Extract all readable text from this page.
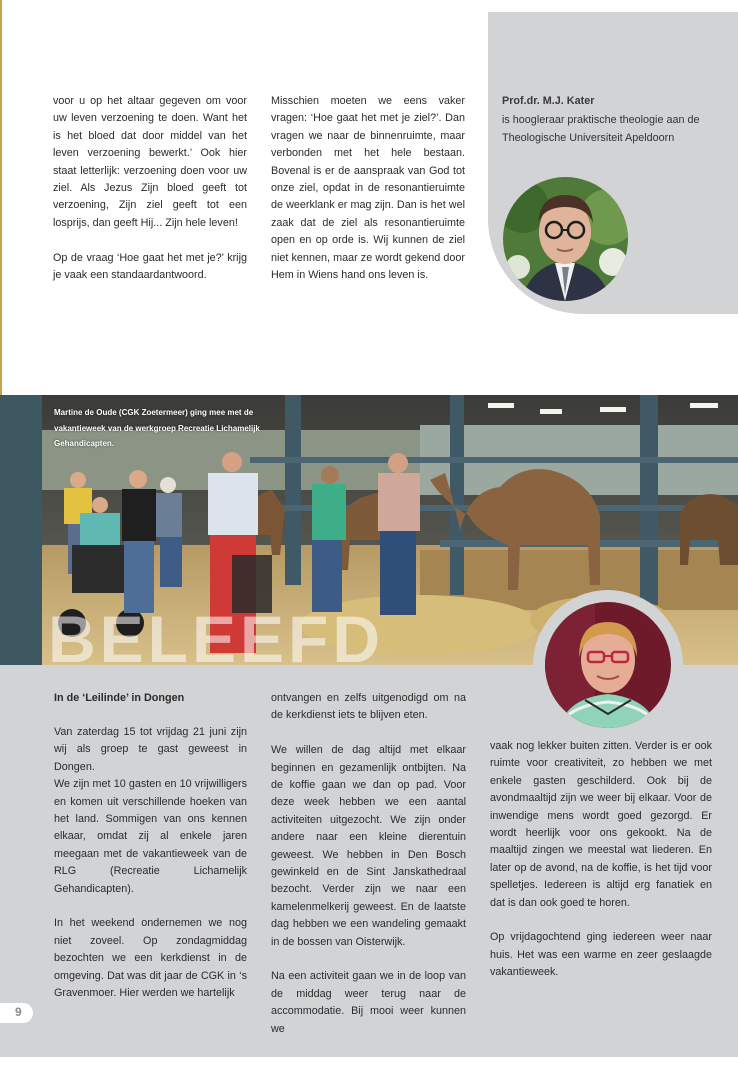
voor u op het altaar gegeven om voor uw leven verzoening te doen. Want het is het bloed dat door middel van het leven verzoening bewerkt.’ Ook hier staat letterlijk: verzoening doen voor uw ziel. Als Jezus Zijn bloed geeft tot verzoening, Zijn ziel geeft tot een losprijs, dan geeft Hij... Zijn hele leven!

Op de vraag ‘Hoe gaat het met je?’ krijg je vaak een standaardantwoord.

Misschien moeten we eens vaker vragen: ‘Hoe gaat het met je ziel?’. Dan vragen we naar de binnenruimte, maar verbonden met het hele bestaan. Bovenal is er de aanspraak van God tot onze ziel, opdat in de resonantieruimte de weerklank er mag zijn. Dan is het wel zaak dat de ziel als resonantieruimte open en op orde is. Wij kunnen de ziel niet kennen, maar ze wordt gekend door Hem in Wiens hand ons leven is.

Prof.dr. M.J. Kater
is hoogleraar praktische theologie aan de Theologische Universiteit Apeldoorn
Martine de Oude (CGK Zoetermeer) ging mee met de vakantieweek van de werkgroep Recreatie Lichamelijk Gehandicapten.
BELEEFD
In de ‘Leilinde’ in Dongen

Van zaterdag 15 tot vrijdag 21 juni zijn wij als groep te gast geweest in Dongen.
We zijn met 10 gasten en 10 vrijwilligers en komen uit verschillende hoeken van het land. Sommigen van ons kennen elkaar, omdat zij al enkele jaren meegaan met de vakantieweek van de RLG (Recreatie Lichamelijk Gehandicapten).

In het weekend ondernemen we nog niet zoveel. Op zondagmiddag bezochten we een kerkdienst in de omgeving. Dat was dit jaar de CGK in ‘s Gravenmoer. Hier werden we hartelijk

ontvangen en zelfs uitgenodigd om na de kerkdienst iets te blijven eten.

We willen de dag altijd met elkaar beginnen en gezamenlijk ontbijten. Na de koffie gaan we dan op pad. Voor deze week hebben we een aantal activiteiten uitgezocht. We zijn onder andere naar een kleine dierentuin geweest. We hebben in Den Bosch gewinkeld en de Sint Janskathedraal bezocht. Verder zijn we naar een kamelenmelkerij geweest. En de laatste dag hebben we een wandeling gemaakt in de bossen van Oisterwijk.

Na een activiteit gaan we in de loop van de middag weer terug naar de accommodatie. Bij mooi weer kunnen we

vaak nog lekker buiten zitten. Verder is er ook ruimte voor creativiteit, zo hebben we met enkele gasten geschilderd. Ook bij de avondmaaltijd zijn we weer bij elkaar. Voor de inwendige mens wordt goed gezorgd. Er wordt heerlijk voor ons gekookt. Na de maaltijd zingen we meestal wat liederen. En later op de avond, na de koffie, is het tijd voor spelletjes. Iedereen is altijd erg fanatiek en dat is dan ook goed te horen.

Op vrijdagochtend ging iedereen weer naar huis. Het was een warme en zeer geslaagde vakantieweek.

9
